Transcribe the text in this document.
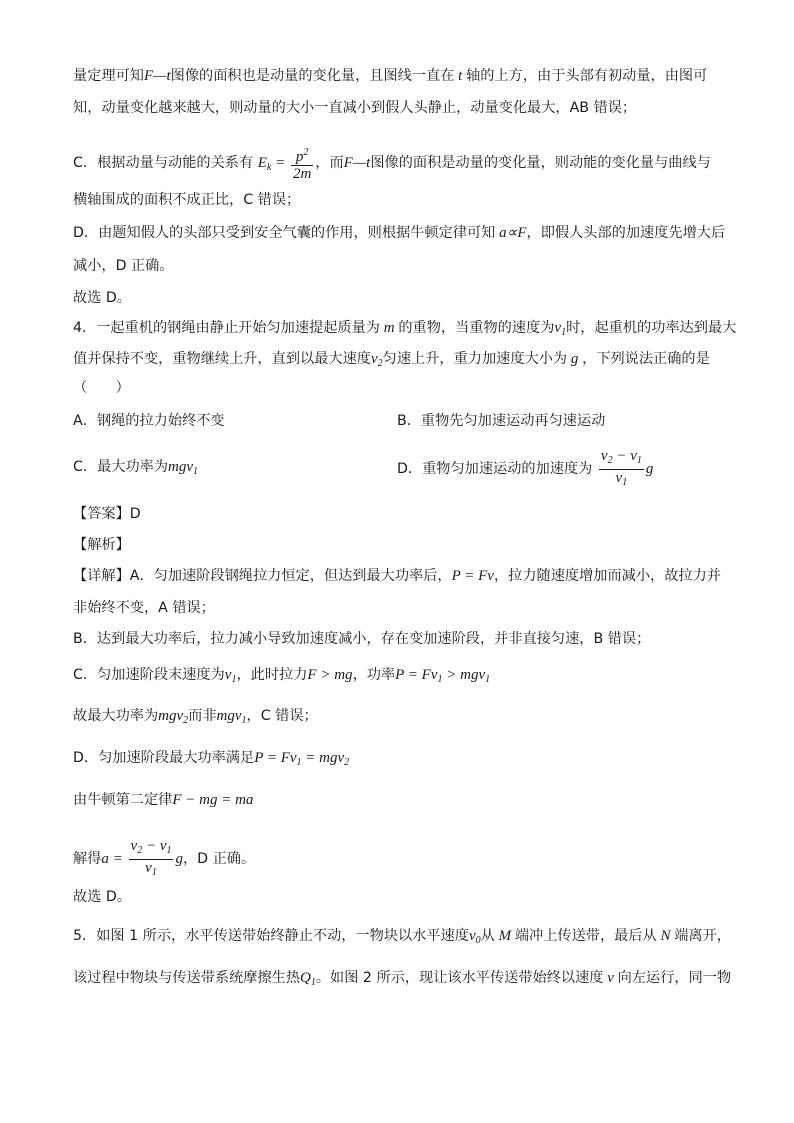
量定理可知F—t图像的面积也是动量的变化量，且图线一直在 t 轴的上方，由于头部有初动量，由图可
知，动量变化越来越大，则动量的大小一直减小到假人头静止，动量变化最大，AB 错误；
C．根据动量与动能的关系有 $E_k = \frac{p^2}{2m}$ ，而F—t图像的面积是动量的变化量，则动能的变化量与曲线与
横轴围成的面积不成正比，C 错误；
D．由题知假人的头部只受到安全气囊的作用，则根据牛顿定律可知 a∝F，即假人头部的加速度先增大后
减小，D 正确。
故选 D。
4．一起重机的钢绳由静止开始匀加速提起质量为 m 的重物，当重物的速度为$v_1$时，起重机的功率达到最大
值并保持不变，重物继续上升，直到以最大速度$v_2$匀速上升，重力加速度大小为 g ，下列说法正确的是
（　　）
A．钢绳的拉力始终不变	B．重物先匀加速运动再匀速运动
C．最大功率为mgv$_1$	D．重物匀加速运动的加速度为 $\frac{v_2 - v_1}{v_1}$ g
【答案】D
【解析】
【详解】A．匀加速阶段钢绳拉力恒定，但达到最大功率后，P = Fv，拉力随速度增加而减小，故拉力并
非始终不变，A 错误；
B．达到最大功率后，拉力减小导致加速度减小，存在变加速阶段，并非直接匀速，B 错误；
C．匀加速阶段末速度为$v_1$，此时拉力F > mg，功率$P = Fv_1 > mgv_1$
故最大功率为mgv$_2$而非mgv$_1$，C 错误；
D．匀加速阶段最大功率满足$P = Fv_1 = mgv_2$
由牛顿第二定律F − mg = ma
解得$a = \frac{v_2 - v_1}{v_1}$ g，D 正确。
故选 D。
5．如图 1 所示，水平传送带始终静止不动，一物块以水平速度$v_0$从 M 端冲上传送带，最后从 N 端离开，
该过程中物块与传送带系统摩擦生热$Q_1$。如图 2 所示，现让该水平传送带始终以速度 v 向左运行，同一物
